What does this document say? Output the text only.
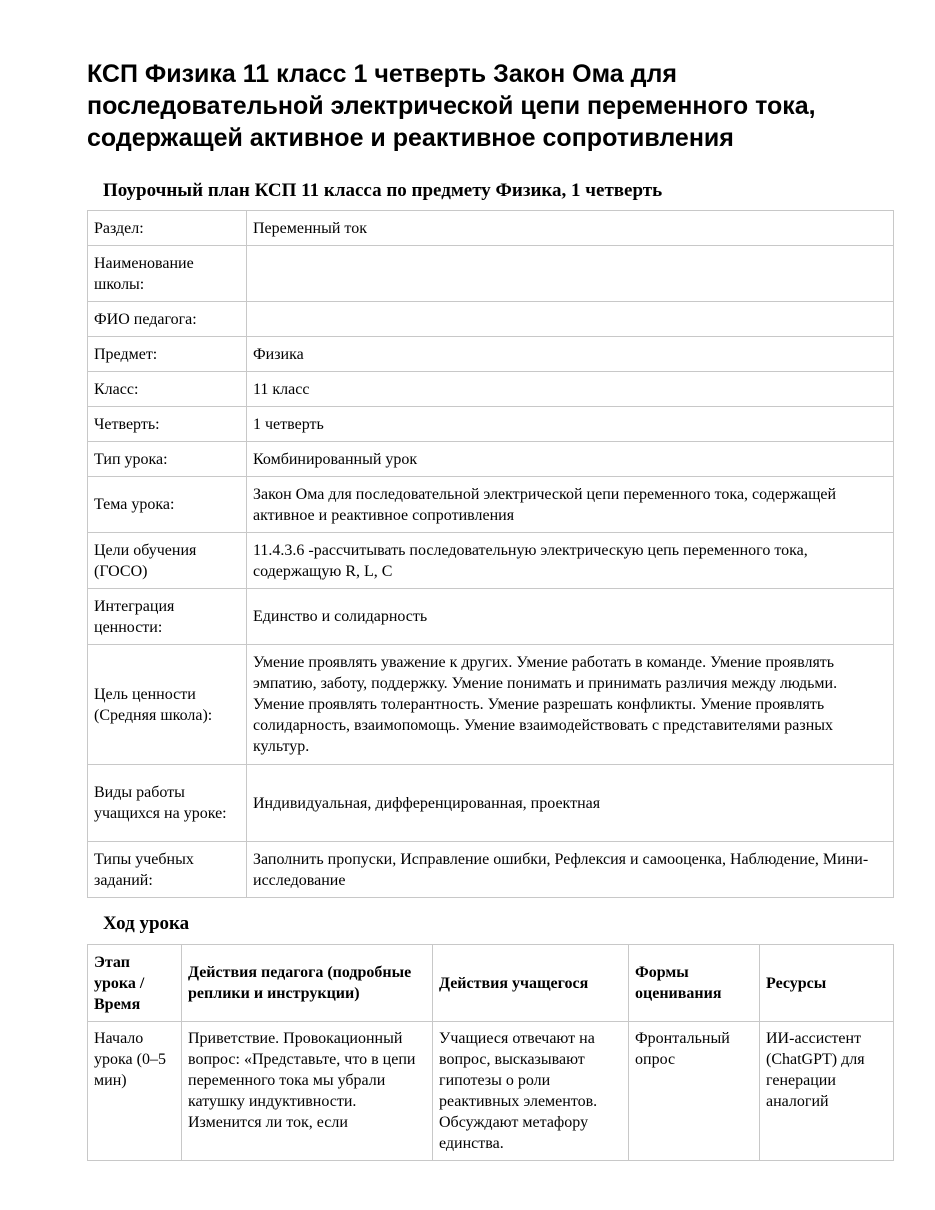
КСП Физика 11 класс 1 четверть Закон Ома для последовательной электрической цепи переменного тока, содержащей активное и реактивное сопротивления
Поурочный план КСП 11 класса по предмету Физика, 1 четверть
Раздел:	Переменный ток
Наименование школы:	
ФИО педагога:	
Предмет:	Физика
Класс:	11 класс
Четверть:	1 четверть
Тип урока:	Комбинированный урок
Тема урока:	Закон Ома для последовательной электрической цепи переменного тока, содержащей активное и реактивное сопротивления
Цели обучения (ГОСО)	11.4.3.6 -рассчитывать последовательную электрическую цепь переменного тока, содержащую R, L, C
Интеграция ценности:	Единство и солидарность
Цель ценности (Средняя школа):	Умение проявлять уважение к других. Умение работать в команде. Умение проявлять эмпатию, заботу, поддержку. Умение понимать и принимать различия между людьми. Умение проявлять толерантность. Умение разрешать конфликты. Умение проявлять солидарность, взаимопомощь. Умение взаимодействовать с представителями разных культур.
Виды работы учащихся на уроке:	Индивидуальная, дифференцированная, проектная
Типы учебных заданий:	Заполнить пропуски, Исправление ошибки, Рефлексия и самооценка, Наблюдение, Мини-исследование
Ход урока
Этап урока / Время	Действия педагога (подробные реплики и инструкции)	Действия учащегося	Формы оценивания	Ресурсы
Начало урока (0–5 мин)	Приветствие. Провокационный вопрос: «Представьте, что в цепи переменного тока мы убрали катушку индуктивности. Изменится ли ток, если	Учащиеся отвечают на вопрос, высказывают гипотезы о роли реактивных элементов. Обсуждают метафору единства.	Фронтальный опрос	ИИ-ассистент (ChatGPT) для генерации аналогий
